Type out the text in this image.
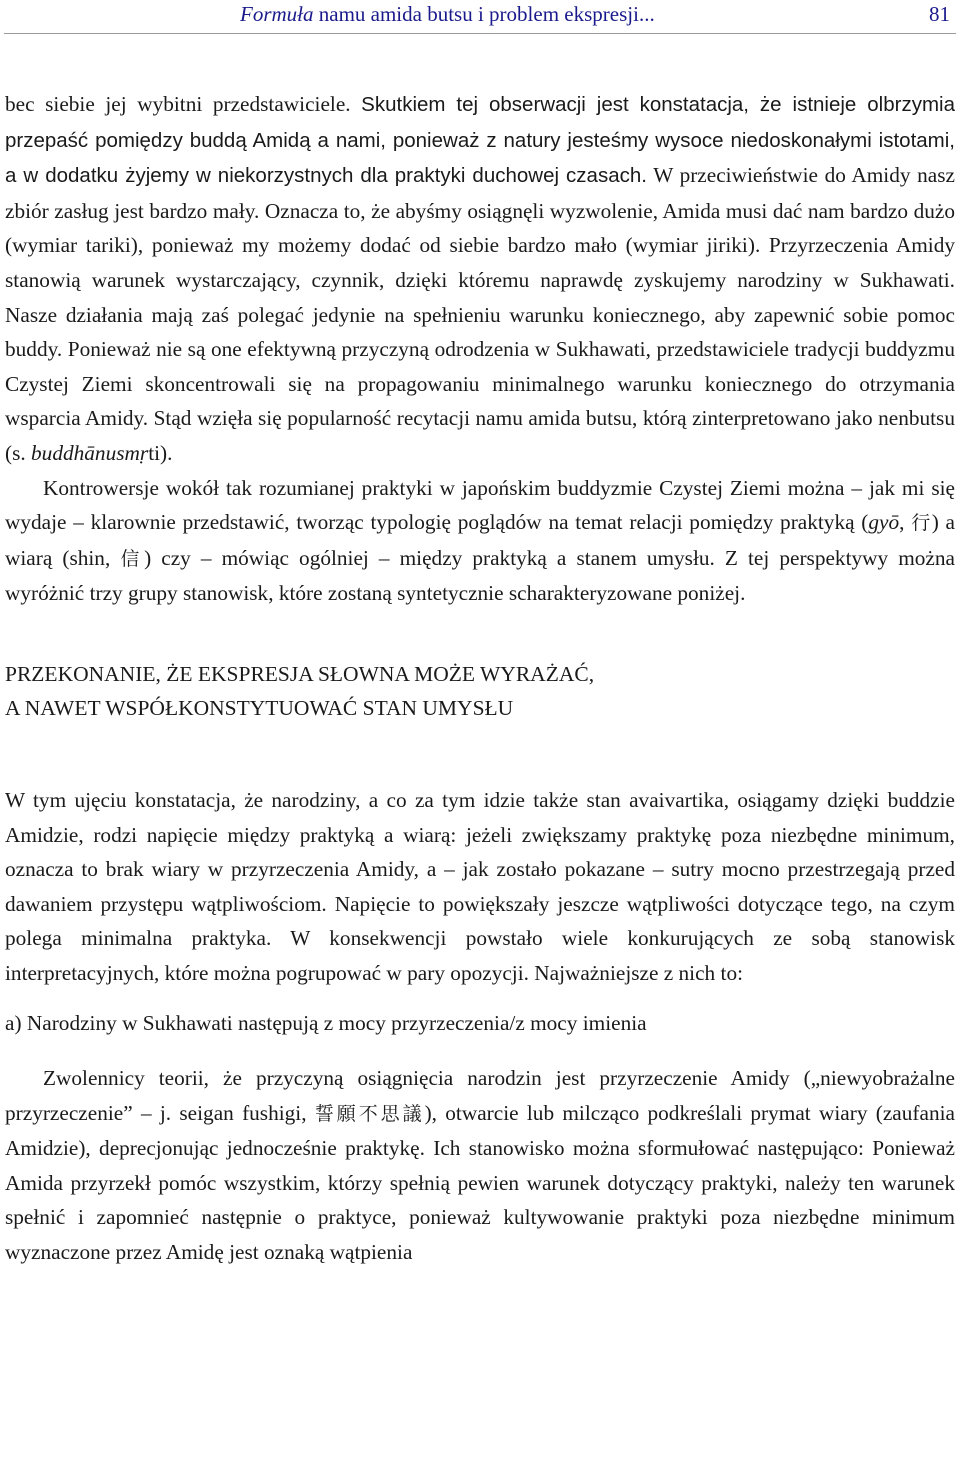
Formuła namu amida butsu i problem ekspresji...	81

bec siebie jej wybitni przedstawiciele. Skutkiem tej obserwacji jest konstatacja, że istnieje olbrzymia przepaść pomiędzy buddą Amidą a nami, ponieważ z natury jesteśmy wysoce niedoskonałymi istotami, a w dodatku żyjemy w niekorzystnych dla praktyki duchowej czasach. W przeciwieństwie do Amidy nasz zbiór zasług jest bardzo mały. Oznacza to, że abyśmy osiągnęli wyzwolenie, Amida musi dać nam bardzo dużo (wymiar tariki), ponieważ my możemy dodać od siebie bardzo mało (wymiar jiriki). Przyrzeczenia Amidy stanowią warunek wystarczający, czynnik, dzięki któremu naprawdę zyskujemy narodziny w Sukhawati. Nasze działania mają zaś polegać jedynie na spełnieniu warunku koniecznego, aby zapewnić sobie pomoc buddy. Ponieważ nie są one efektywną przyczyną odrodzenia w Sukhawati, przedstawiciele tradycji buddyzmu Czystej Ziemi skoncentrowali się na propagowaniu minimalnego warunku koniecznego do otrzymania wsparcia Amidy. Stąd wzięła się popularność recytacji namu amida butsu, którą zinterpretowano jako nenbutsu (s. buddhānusmṛti).

Kontrowersje wokół tak rozumianej praktyki w japońskim buddyzmie Czystej Ziemi można – jak mi się wydaje – klarownie przedstawić, tworząc typologię poglądów na temat relacji pomiędzy praktyką (gyō, 行) a wiarą (shin, 信) czy – mówiąc ogólniej – między praktyką a stanem umysłu. Z tej perspektywy można wyróżnić trzy grupy stanowisk, które zostaną syntetycznie scharakteryzowane poniżej.

PRZEKONANIE, ŻE EKSPRESJA SŁOWNA MOŻE WYRAŻAĆ,
A NAWET WSPÓŁKONSTYTUOWAĆ STAN UMYSŁU

W tym ujęciu konstatacja, że narodziny, a co za tym idzie także stan avaivartika, osiągamy dzięki buddzie Amidzie, rodzi napięcie między praktyką a wiarą: jeżeli zwiększamy praktykę poza niezbędne minimum, oznacza to brak wiary w przyrzeczenia Amidy, a – jak zostało pokazane – sutry mocno przestrzegają przed dawaniem przystępu wątpliwościom. Napięcie to powiększały jeszcze wątpliwości dotyczące tego, na czym polega minimalna praktyka. W konsekwencji powstało wiele konkurujących ze sobą stanowisk interpretacyjnych, które można pogrupować w pary opozycji. Najważniejsze z nich to:

a) Narodziny w Sukhawati następują z mocy przyrzeczenia/z mocy imienia

Zwolennicy teorii, że przyczyną osiągnięcia narodzin jest przyrzeczenie Amidy („niewyobrażalne przyrzeczenie” – j. seigan fushigi, 誓願不思議), otwarcie lub milcząco podkreślali prymat wiary (zaufania Amidzie), deprecjonując jednocześnie praktykę. Ich stanowisko można sformułować następująco: Ponieważ Amida przyrzekł pomóc wszystkim, którzy spełnią pewien warunek dotyczący praktyki, należy ten warunek spełnić i zapomnieć następnie o praktyce, ponieważ kultywowanie praktyki poza niezbędne minimum wyznaczone przez Amidę jest oznaką wątpienia
